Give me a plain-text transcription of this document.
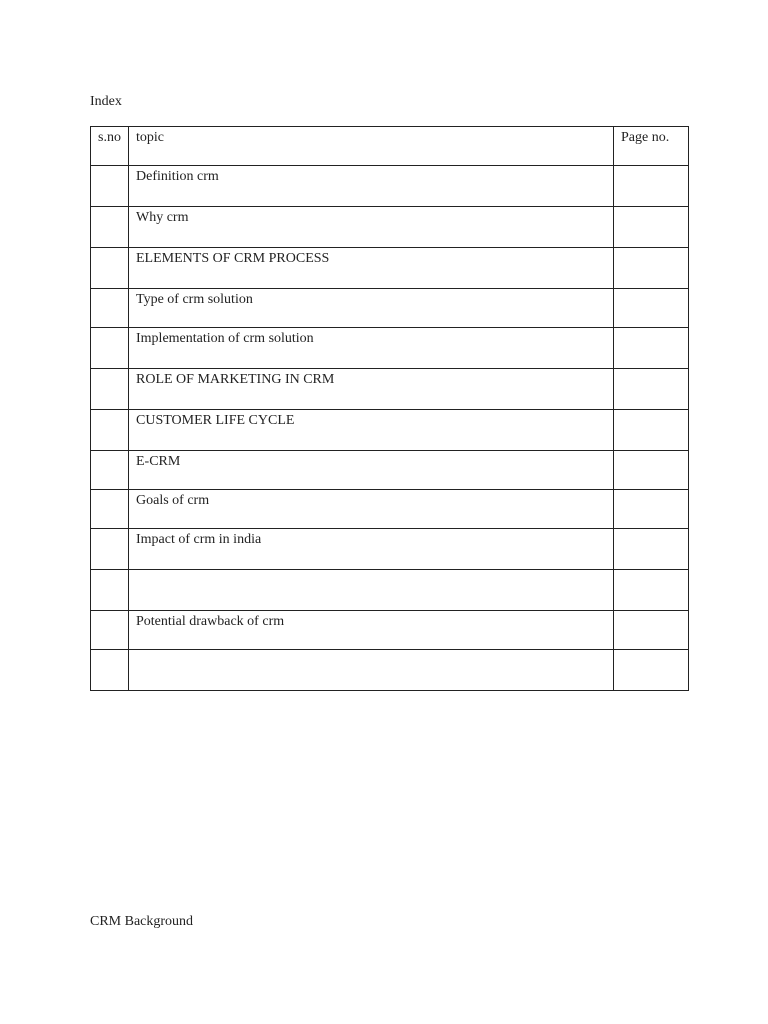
Index
s.no	topic	Page no.
	Definition crm	
	Why crm	
	ELEMENTS OF CRM PROCESS	
	Type of crm solution	
	Implementation of crm solution	
	ROLE OF MARKETING IN CRM	
	CUSTOMER LIFE CYCLE	
	E-CRM	
	Goals of crm	
	Impact of crm in india	

	Potential drawback of crm	

CRM Background
